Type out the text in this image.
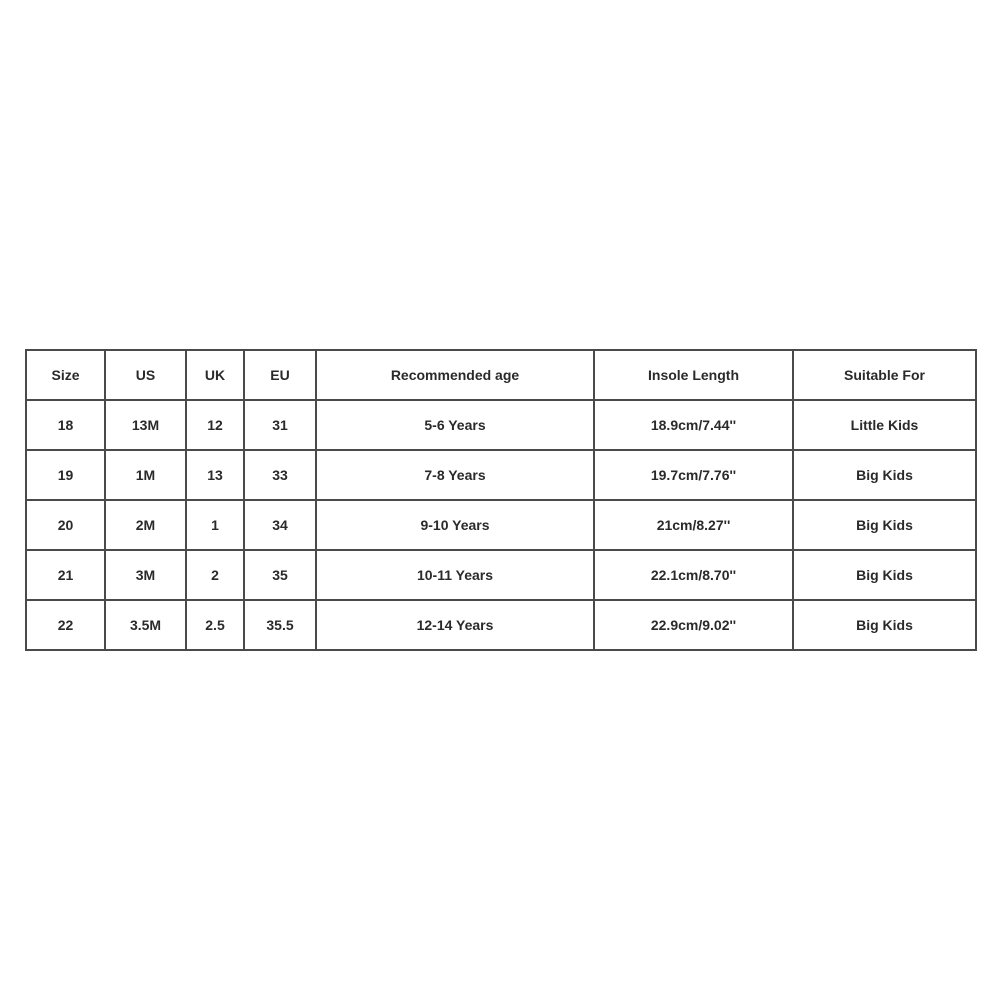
Size	US	UK	EU	Recommended age	Insole Length	Suitable For
18	13M	12	31	5-6 Years	18.9cm/7.44''	Little Kids
19	1M	13	33	7-8 Years	19.7cm/7.76''	Big Kids
20	2M	1	34	9-10 Years	21cm/8.27''	Big Kids
21	3M	2	35	10-11 Years	22.1cm/8.70''	Big Kids
22	3.5M	2.5	35.5	12-14 Years	22.9cm/9.02''	Big Kids
